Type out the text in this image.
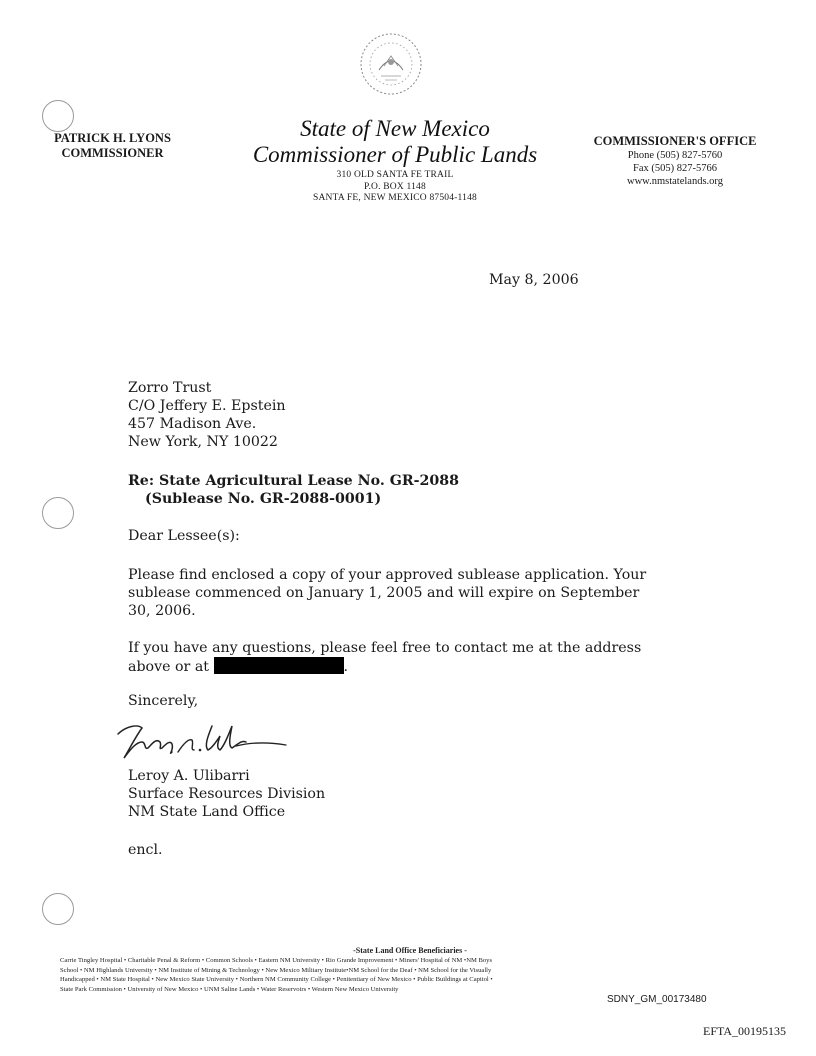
PATRICK H. LYONS
COMMISSIONER
State of New Mexico
Commissioner of Public Lands
310 OLD SANTA FE TRAIL
P.O. BOX 1148
SANTA FE, NEW MEXICO 87504-1148
COMMISSIONER'S OFFICE
Phone (505) 827-5760
Fax (505) 827-5766
www.nmstatelands.org
May 8, 2006
Zorro Trust
C/O Jeffery E. Epstein
457 Madison Ave.
New York, NY 10022
Re: State Agricultural Lease No. GR-2088
(Sublease No. GR-2088-0001)
Dear Lessee(s):
Please find enclosed a copy of your approved sublease application. Your
sublease commenced on January 1, 2005 and will expire on September
30, 2006.
If you have any questions, please feel free to contact me at the address
above or at	.
Sincerely,
Leroy A. Ulibarri
Surface Resources Division
NM State Land Office
encl.
-State Land Office Beneficiaries -
Carrie Tingley Hospital • Charitable Penal & Reform • Common Schools • Eastern NM University • Rio Grande Improvement • Miners' Hospital of NM •NM Boys
School • NM Highlands University • NM Institute of Mining & Technology • New Mexico Military Institute•NM School for the Deaf • NM School for the Visually
Handicapped • NM State Hospital • New Mexico State University • Northern NM Community College • Penitentiary of New Mexico • Public Buildings at Capitol •
State Park Commission • University of New Mexico • UNM Saline Lands • Water Reservoirs • Western New Mexico University
SDNY_GM_00173480
EFTA_00195135
